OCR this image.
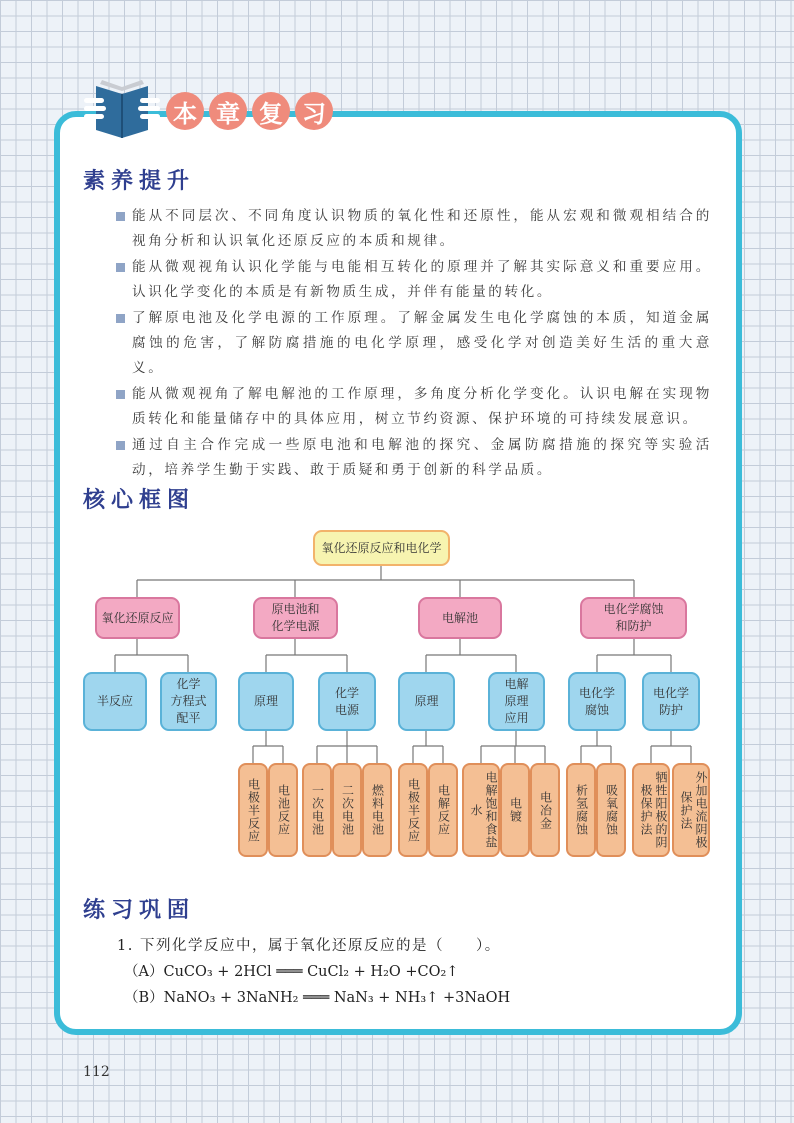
本 章 复 习
素养提升
能从不同层次、不同角度认识物质的氧化性和还原性，能从宏观和微观相结合的视角分析和认识氧化还原反应的本质和规律。
能从微观视角认识化学能与电能相互转化的原理并了解其实际意义和重要应用。认识化学变化的本质是有新物质生成，并伴有能量的转化。
了解原电池及化学电源的工作原理。了解金属发生电化学腐蚀的本质，知道金属腐蚀的危害，了解防腐措施的电化学原理，感受化学对创造美好生活的重大意义。
能从微观视角了解电解池的工作原理，多角度分析化学变化。认识电解在实现物质转化和能量储存中的具体应用，树立节约资源、保护环境的可持续发展意识。
通过自主合作完成一些原电池和电解池的探究、金属防腐措施的探究等实验活动，培养学生勤于实践、敢于质疑和勇于创新的科学品质。
核心框图
氧化还原反应和电化学
氧化还原反应
原电池和
化学电源
电解池
电化学腐蚀
和防护
半反应
化学
方程式
配平
原理
化学
电源
原理
电解
原理
应用
电化学
腐蚀
电化学
防护
电极半反应	电池反应	一次电池	二次电池	燃料电池	电极半反应	电解反应	电解饱和食盐水	电镀	电冶金	析氢腐蚀	吸氧腐蚀	牺牲阳极的阴极保护法	外加电流阴极保护法
练习巩固
1. 下列化学反应中，属于氧化还原反应的是（　　）。
（A）CuCO₃ + 2HCl ═══ CuCl₂ + H₂O +CO₂↑
（B）NaNO₃ + 3NaNH₂ ═══ NaN₃ + NH₃↑ +3NaOH
112
